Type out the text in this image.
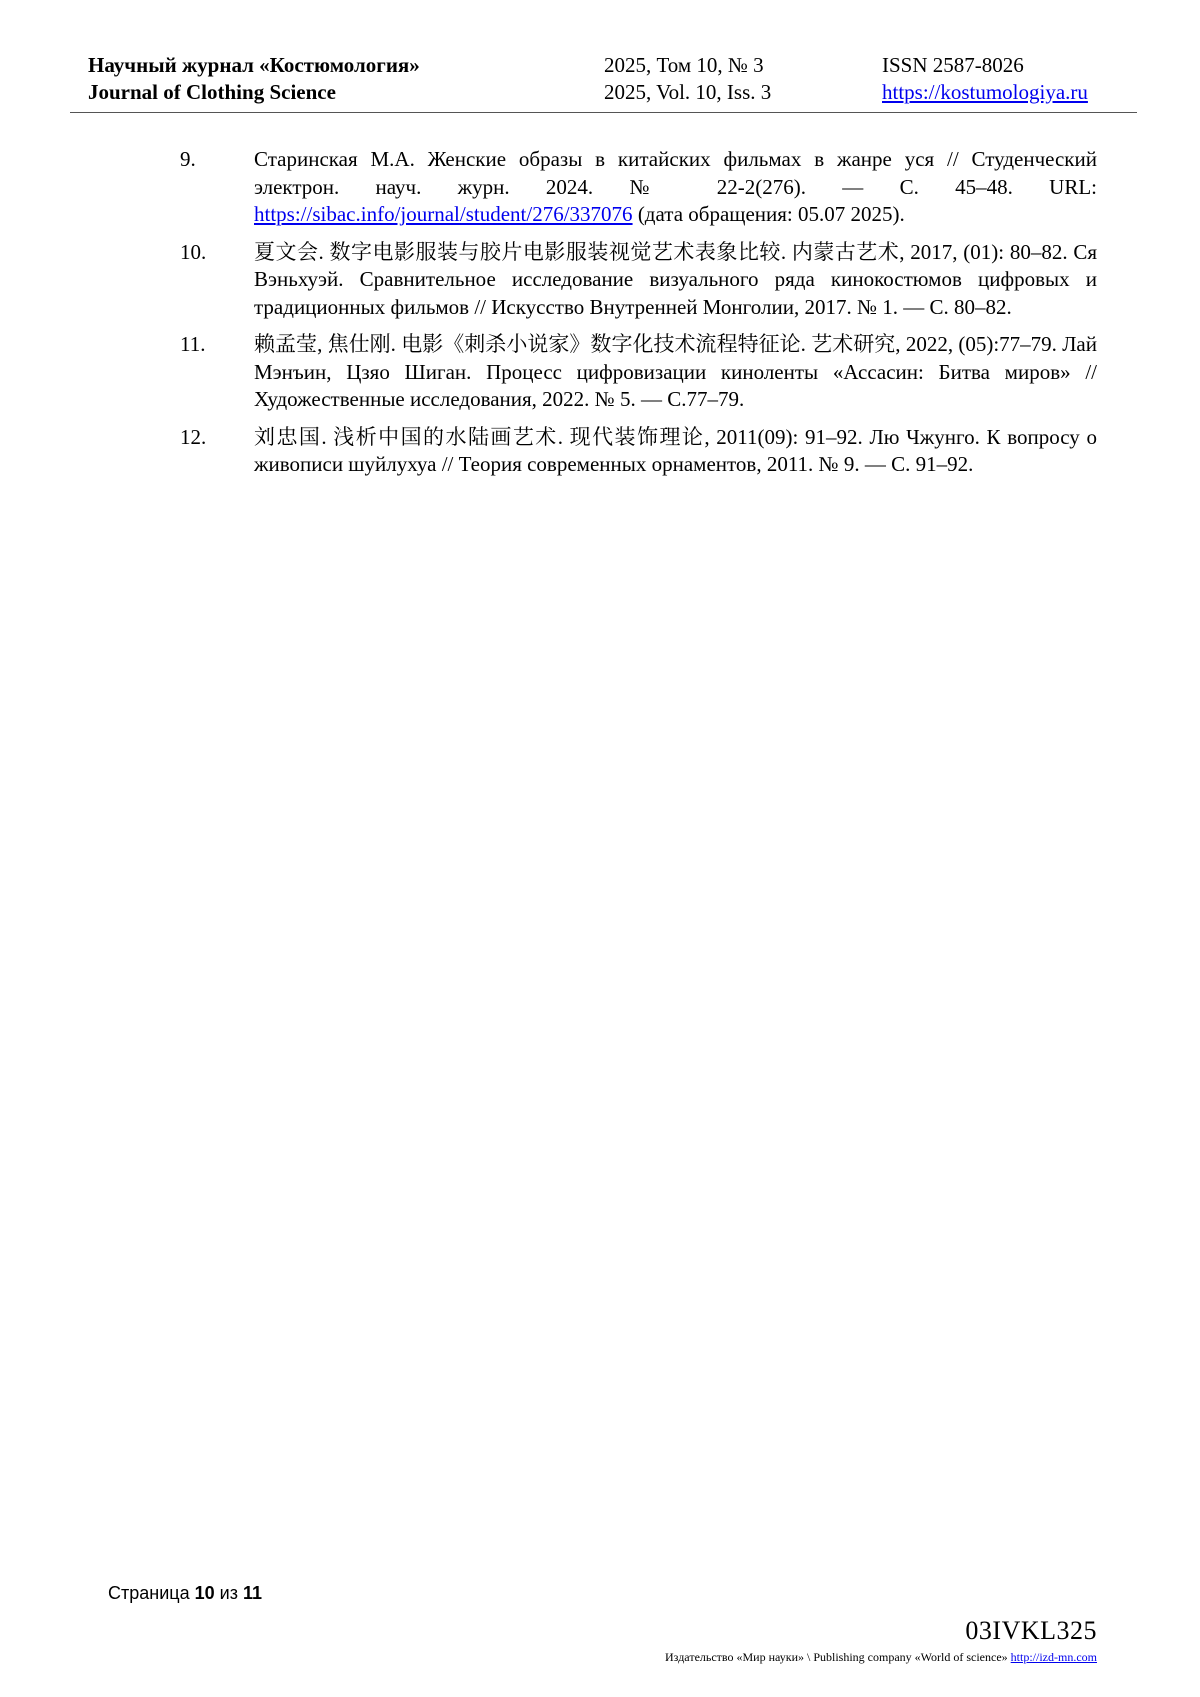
Научный журнал «Костюмология»
Journal of Clothing Science
2025, Том 10, № 3
2025, Vol. 10, Iss. 3
ISSN 2587-8026
https://kostumologiya.ru
9.	Старинская М.А. Женские образы в китайских фильмах в жанре уся // Студенческий электрон. науч. журн. 2024. № 22-2(276). — С. 45–48. URL: https://sibac.info/journal/student/276/337076 (дата обращения: 05.07 2025).
10. 夏文会. 数字电影服装与胶片电影服装视觉艺术表象比较. 内蒙古艺术, 2017, (01): 80–82. Ся Вэньхуэй. Сравнительное исследование визуального ряда кинокостюмов цифровых и традиционных фильмов // Искусство Внутренней Монголии, 2017. № 1. — С. 80–82.
11. 赖孟莹, 焦仕刚. 电影《刺杀小说家》数字化技术流程特征论. 艺术研究, 2022, (05):77–79. Лай Мэнъин, Цзяо Шиган. Процесс цифровизации киноленты «Ассасин: Битва миров» // Художественные исследования, 2022. № 5. — С.77–79.
12. 刘忠国. 浅析中国的水陆画艺术. 现代装饰理论, 2011(09): 91–92. Лю Чжунго. К вопросу о живописи шуйлухуа // Теория современных орнаментов, 2011. № 9. — С. 91–92.
Страница 10 из 11
03IVKL325
Издательство «Мир науки» \ Publishing company «World of science» http://izd-mn.com
